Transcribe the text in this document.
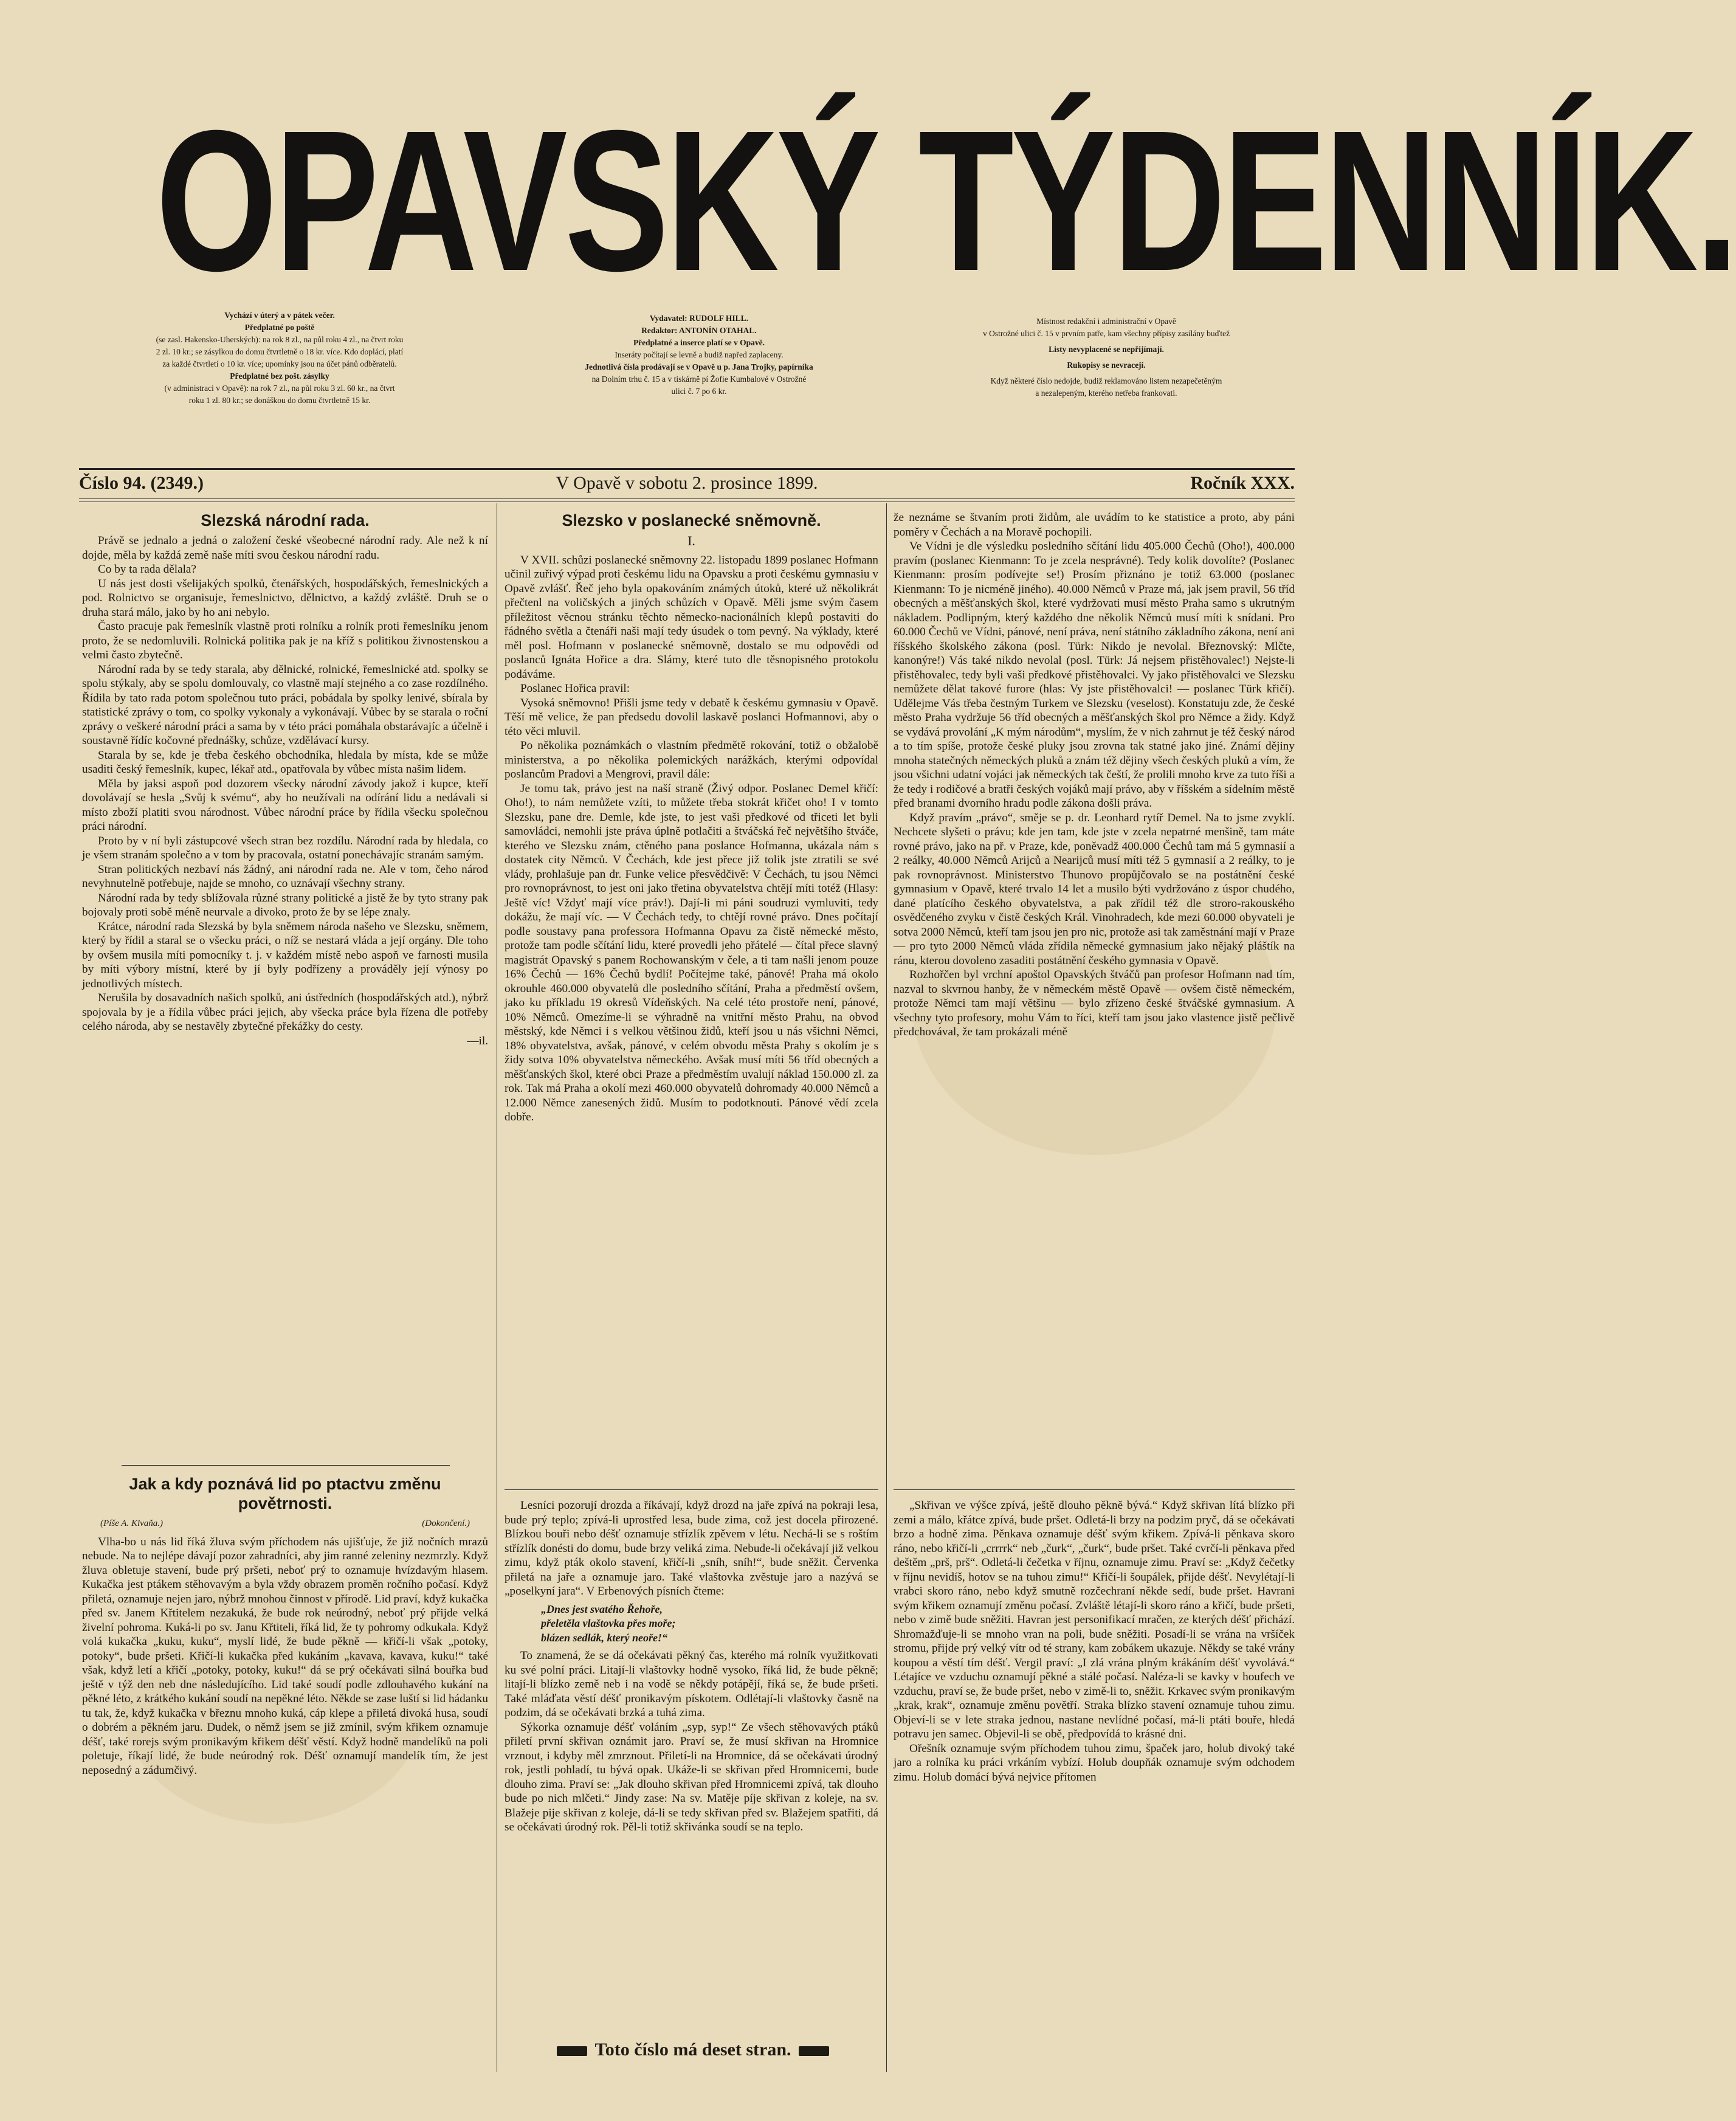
OPAVSKÝ TÝDENNÍK.

Vychází v úterý a v pátek večer.

Předplatné po poště

(se zasl. Hakensko-Uherských): na rok 8 zl., na půl roku 4 zl., na čtvrt roku

2 zl. 10 kr.; se zásylkou do domu čtvrtletně o 18 kr. více. Kdo doplácí, platí

za každé čtvrtletí o 10 kr. více; upomínky jsou na účet pánů odběratelů.

Předplatné bez pošt. zásylky

(v administraci v Opavě): na rok 7 zl., na půl roku 3 zl. 60 kr., na čtvrt

roku 1 zl. 80 kr.; se donáškou do domu čtvrtletně 15 kr.

Vydavatel: RUDOLF HILL.

Redaktor: ANTONÍN OTAHAL.

Předplatné a inserce platí se v Opavě.

Inseráty počítají se levně a budiž napřed zaplaceny.

Jednotlivá čísla prodávají se v Opavě u p. Jana Trojky, papírníka

na Dolním trhu č. 15 a v tiskárně pí Žofie Kumbalové v Ostrožné

ulici č. 7 po 6 kr.

Místnost redakční i administrační v Opavě

v Ostrožné ulici č. 15 v prvním patře, kam všechny přípisy zasílány buďtež

Listy nevyplacené se nepřijímají.

Rukopisy se nevracejí.

Když některé číslo nedojde, budiž reklamováno listem nezapečetěným

a nezalepeným, kterého netřeba frankovati.

Číslo 94. (2349.)	V Opavě v sobotu 2. prosince 1899.	Ročník XXX.
Slezská národní rada.

Právě se jednalo a jedná o založení české všeobecné národní rady. Ale než k ní dojde, měla by každá země naše míti svou českou národní radu.

Co by ta rada dělala?

U nás jest dosti všelijakých spolků, čtenářských, hospodářských, řemeslnických a pod. Rolnictvo se organisuje, řemeslnictvo, dělnictvo, a každý zvláště. Druh se o druha stará málo, jako by ho ani nebylo.

Často pracuje pak řemeslník vlastně proti rolníku a rolník proti řemeslníku jenom proto, že se nedomluvili. Rolnická politika pak je na kříž s politikou živnostenskou a velmi často zbytečně.

Národní rada by se tedy starala, aby dělnické, rolnické, řemeslnické atd. spolky se spolu stýkaly, aby se spolu domlouvaly, co vlastně mají stejného a co zase rozdílného. Řídila by tato rada potom společnou tuto práci, pobádala by spolky lenivé, sbírala by statistické zprávy o tom, co spolky vykonaly a vykonávají. Vůbec by se starala o roční zprávy o veškeré národní práci a sama by v této práci pomáhala obstarávajíc a účelně i soustavně řídíc kočovné přednášky, schůze, vzdělávací kursy.

Starala by se, kde je třeba českého obchodníka, hledala by místa, kde se může usaditi český řemeslník, kupec, lékař atd., opatřovala by vůbec místa našim lidem.

Měla by jaksi aspoň pod dozorem všecky národní závody jakož i kupce, kteří dovolávají se hesla „Svůj k svému“, aby ho neužívali na odírání lidu a nedávali si místo zboží platiti svou národnost. Vůbec národní práce by řídila všecku společnou práci národní.

Proto by v ní byli zástupcové všech stran bez rozdílu. Národní rada by hledala, co je všem stranám společno a v tom by pracovala, ostatní ponechávajíc stranám samým.

Stran politických nezbaví nás žádný, ani národní rada ne. Ale v tom, čeho národ nevyhnutelně potřebuje, najde se mnoho, co uznávají všechny strany.

Národní rada by tedy sblížovala různé strany politické a jistě že by tyto strany pak bojovaly proti sobě méně neurvale a divoko, proto že by se lépe znaly.

Krátce, národní rada Slezská by byla sněmem národa našeho ve Slezsku, sněmem, který by řídil a staral se o všecku práci, o níž se nestará vláda a její orgány. Dle toho by ovšem musila míti pomocníky t. j. v každém místě nebo aspoň ve farnosti musila by míti výbory místní, které by jí byly podřízeny a prováděly její výnosy po jednotlivých místech.

Nerušila by dosavadních našich spolků, ani ústředních (hospodářských atd.), nýbrž spojovala by je a řídila vůbec práci jejich, aby všecka práce byla řízena dle potřeby celého národa, aby se nestavěly zbytečné překážky do cesty.

—il.

Jak a kdy poznává lid po ptactvu změnu povětrnosti.
(Píše A. Klvaňa.)	(Dokončení.)

Vlha-bo u nás lid říká žluva svým příchodem nás ujišťuje, že již nočních mrazů nebude. Na to nejlépe dávají pozor zahradníci, aby jim ranné zeleniny nezmrzly. Když žluva obletuje stavení, bude prý pršeti, neboť prý to oznamuje hvízdavým hlasem. Kukačka jest ptákem stěhovavým a byla vždy obrazem proměn ročního počasí. Když přiletá, oznamuje nejen jaro, nýbrž mnohou činnost v přírodě. Lid praví, když kukačka před sv. Janem Křtitelem nezakuká, že bude rok neúrodný, neboť prý přijde velká živelní pohroma. Kuká-li po sv. Janu Křtiteli, říká lid, že ty pohromy odkukala. Když volá kukačka „kuku, kuku“, myslí lidé, že bude pěkně — křičí-li však „potoky, potoky“, bude pršeti. Křičí-li kukačka před kukáním „kavava, kavava, kuku!“ také však, když letí a křičí „potoky, potoky, kuku!“ dá se prý očekávati silná bouřka bud ještě v týž den neb dne následujícího. Lid také soudí podle zdlouhavého kukání na pěkné léto, z krátkého kukání soudí na nepěkné léto. Někde se zase luští si lid hádanku tu tak, že, když kukačka v březnu mnoho kuká, cáp klepe a přiletá divoká husa, soudí o dobrém a pěkném jaru. Dudek, o němž jsem se již zmínil, svým křikem oznamuje déšť, také rorejs svým pronikavým křikem déšť věstí. Když hodně mandelíků na poli poletuje, říkají lidé, že bude neúrodný rok. Déšť oznamují mandelík tím, že jest neposedný a zádumčivý.

Slezsko v poslanecké sněmovně.
I.

V XVII. schůzi poslanecké sněmovny 22. listopadu 1899 poslanec Hofmann učinil zuřivý výpad proti českému lidu na Opavsku a proti českému gymnasiu v Opavě zvlášť. Řeč jeho byla opakováním známých útoků, které už několikrát přečtenl na voličských a jiných schůzích v Opavě. Měli jsme svým časem příležitost věcnou stránku těchto německo-nacionálních klepů postaviti do řádného světla a čtenáři naši mají tedy úsudek o tom pevný. Na výklady, které měl posl. Hofmann v poslanecké sněmovně, dostalo se mu odpovědi od poslanců Ignáta Hořice a dra. Slámy, které tuto dle těsnopisného protokolu podáváme.

Poslanec Hořica pravil:

Vysoká sněmovno! Přišli jsme tedy v debatě k českému gymnasiu v Opavě. Těší mě velice, že pan předsedu dovolil laskavě poslanci Hofmannovi, aby o této věci mluvil.

Po několika poznámkách o vlastním předmětě rokování, totiž o obžalobě ministerstva, a po několika polemických narážkách, kterými odpovídal poslancům Pradovi a Mengrovi, pravil dále:

Je tomu tak, právo jest na naší straně (Živý odpor. Poslanec Demel křičí: Oho!), to nám nemůžete vzíti, to můžete třeba stokrát křičet oho! I v tomto Slezsku, pane dre. Demle, kde jste, to jest vaši předkové od třiceti let byli samovládci, nemohli jste práva úplně potlačiti a štváčská řeč největšího štváče, kterého ve Slezsku znám, ctěného pana poslance Hofmanna, ukázala nám s dostatek city Němců. V Čechách, kde jest přece již tolik jste ztratili se své vlády, prohlašuje pan dr. Funke velice přesvědčivě: V Čechách, tu jsou Němci pro rovnoprávnost, to jest oni jako třetina obyvatelstva chtějí míti totéž (Hlasy: Ještě víc! Vždyť mají více práv!). Dají-li mi páni soudruzi vymluviti, tedy dokážu, že mají víc. — V Čechách tedy, to chtějí rovné právo. Dnes počítají podle soustavy pana professora Hofmanna Opavu za čistě německé město, protože tam podle sčítání lidu, které provedli jeho přátelé — čítal přece slavný magistrát Opavský s panem Rochowanským v čele, a ti tam našli jenom pouze 16% Čechů — 16% Čechů bydlí! Počítejme také, pánové! Praha má okolo okrouhle 460.000 obyvatelů dle posledního sčítání, Praha a předměstí ovšem, jako ku příkladu 19 okresů Vídeňských. Na celé této prostoře není, pánové, 10% Němců. Omezíme-li se výhradně na vnitřní město Prahu, na obvod městský, kde Němci i s velkou většinou židů, kteří jsou u nás všichni Němci, 18% obyvatelstva, avšak, pánové, v celém obvodu města Prahy s okolím je s židy sotva 10% obyvatelstva německého. Avšak musí míti 56 tříd obecných a měšťanských škol, které obci Praze a předměstím uvalují náklad 150.000 zl. za rok. Tak má Praha a okolí mezi 460.000 obyvatelů dohromady 40.000 Němců a 12.000 Němce zanesených židů. Musím to podotknouti. Pánové vědí zcela dobře.

Lesníci pozorují drozda a říkávají, když drozd na jaře zpívá na pokraji lesa, bude prý teplo; zpívá-li uprostřed lesa, bude zima, což jest docela přirozené. Blízkou bouři nebo déšť oznamuje střízlík zpěvem v létu. Nechá-li se s roštím střízlík donésti do domu, bude brzy veliká zima. Nebude-li očekávají již velkou zimu, když pták okolo stavení, křičí-li „sníh, sníh!“, bude sněžit. Červenka přiletá na jaře a oznamuje jaro. Také vlaštovka zvěstuje jaro a nazývá se „poselkyní jara“. V Erbenových písních čteme:

„Dnes jest svatého Řehoře,
přeletěla vlaštovka přes moře;
blázen sedlák, který neoře!“

To znamená, že se dá očekávati pěkný čas, kterého má rolník využitkovati ku své polní práci. Litají-li vlaštovky hodně vysoko, říká lid, že bude pěkně; litají-li blízko země neb i na vodě se někdy potápějí, říká se, že bude pršeti. Také mláďata věstí déšť pronikavým pískotem. Odlétají-li vlaštovky časně na podzim, dá se očekávati brzká a tuhá zima.

Sýkorka oznamuje déšť voláním „syp, syp!“ Ze všech stěhovavých ptáků přiletí první skřivan oznámit jaro. Praví se, že musí skřivan na Hromnice vrznout, i kdyby měl zmrznout. Přiletí-li na Hromnice, dá se očekávati úrodný rok, jestli pohladí, tu bývá opak. Ukáže-li se skřivan před Hromnicemi, bude dlouho zima. Praví se: „Jak dlouho skřivan před Hromnicemi zpívá, tak dlouho bude po nich mlčeti.“ Jindy zase: Na sv. Matěje píje skřivan z koleje, na sv. Blažeje pije skřivan z koleje, dá-li se tedy skřivan před sv. Blažejem spatřiti, dá se očekávati úrodný rok. Pěl-li totiž skřivánka soudí se na teplo.

že neznáme se štvaním proti židům, ale uvádím to ke statistice a proto, aby páni poměry v Čechách a na Moravě pochopili.

Ve Vídni je dle výsledku posledního sčítání lidu 405.000 Čechů (Oho!), 400.000 pravím (poslanec Kienmann: To je zcela nesprávné). Tedy kolik dovolíte? (Poslanec Kienmann: prosím podívejte se!) Prosím přiznáno je totiž 63.000 (poslanec Kienmann: To je nicméně jiného). 40.000 Němců v Praze má, jak jsem pravil, 56 tříd obecných a měšťanských škol, které vydržovati musí město Praha samo s ukrutným nákladem. Podlipným, který každého dne několik Němců musí míti k snídani. Pro 60.000 Čechů ve Vídni, pánové, není práva, není státního základního zákona, není ani říšského školského zákona (posl. Türk: Nikdo je nevolal. Březnovský: Mlčte, kanonýre!) Vás také nikdo nevolal (posl. Türk: Já nejsem přistěhovalec!) Nejste-li přistěhovalec, tedy byli vaši předkové přistěhovalci. Vy jako přistěhovalci ve Slezsku nemůžete dělat takové furore (hlas: Vy jste přistěhovalci! — poslanec Türk křičí). Udělejme Vás třeba čestným Turkem ve Slezsku (veselost). Konstatuju zde, že české město Praha vydržuje 56 tříd obecných a měšťanských škol pro Němce a židy. Když se vydává provolání „K mým národům“, myslím, že v nich zahrnut je též český národ a to tím spíše, protože české pluky jsou zrovna tak statné jako jiné. Známí dějiny mnoha statečných německých pluků a znám též dějiny všech českých pluků a vím, že jsou všichni udatní vojáci jak německých tak čeští, že prolili mnoho krve za tuto říši a že tedy i rodičové a bratři českých vojáků mají právo, aby v říšském a sídelním městě před branami dvorního hradu podle zákona došli práva.

Když pravím „právo“, směje se p. dr. Leonhard rytíř Demel. Na to jsme zvyklí. Nechcete slyšeti o právu; kde jen tam, kde jste v zcela nepatrné menšině, tam máte rovné právo, jako na př. v Praze, kde, poněvadž 400.000 Čechů tam má 5 gymnasií a 2 reálky, 40.000 Němců Arijců a Nearijců musí míti též 5 gymnasií a 2 reálky, to je pak rovnoprávnost. Ministerstvo Thunovo propůjčovalo se na postátnění české gymnasium v Opavě, které trvalo 14 let a musilo býti vydržováno z úspor chudého, dané platícího českého obyvatelstva, a pak zřídil též dle stroro-rakouského osvědčeného zvyku v čistě českých Král. Vinohradech, kde mezi 60.000 obyvateli je sotva 2000 Němců, kteří tam jsou jen pro nic, protože asi tak zaměstnání mají v Praze — pro tyto 2000 Němců vláda zřídila německé gymnasium jako nějaký pláštík na ránu, kterou dovoleno zasaditi postátnění českého gymnasia v Opavě.

Rozhořčen byl vrchní apoštol Opavských štváčů pan profesor Hofmann nad tím, nazval to skvrnou hanby, že v německém městě Opavě — ovšem čistě německém, protože Němci tam mají většinu — bylo zřízeno české štváčské gymnasium. A všechny tyto profesory, mohu Vám to říci, kteří tam jsou jako vlastence jistě pečlivě předchovával, že tam prokázali méně

„Skřivan ve výšce zpívá, ještě dlouho pěkně bývá.“ Když skřivan lítá blízko při zemi a málo, křátce zpívá, bude pršet. Odletá-li brzy na podzim pryč, dá se očekávati brzo a hodně zima. Pěnkava oznamuje déšť svým křikem. Zpívá-li pěnkava skoro ráno, nebo křičí-li „crrrrk“ neb „čurk“, „čurk“, bude pršet. Také cvrčí-li pěnkava před deštěm „prš, prš“. Odletá-li čečetka v říjnu, oznamuje zimu. Praví se: „Když čečetky v říjnu nevidíš, hotov se na tuhou zimu!“ Křičí-li šoupálek, přijde déšť. Nevylétají-li vrabci skoro ráno, nebo když smutně rozčechraní někde sedí, bude pršet. Havrani svým křikem oznamují změnu počasí. Zvláště létají-li skoro ráno a křičí, bude pršeti, nebo v zimě bude sněžiti. Havran jest personifikací mračen, ze kterých déšť přichází. Shromažďuje-li se mnoho vran na poli, bude sněžiti. Posadí-li se vrána na vršíček stromu, přijde prý velký vítr od té strany, kam zobákem ukazuje. Někdy se také vrány koupou a věstí tím déšť. Vergil praví: „I zlá vrána plným krákáním déšť vyvolává.“ Létajíce ve vzduchu oznamují pěkné a stálé počasí. Naléza-li se kavky v houfech ve vzduchu, praví se, že bude pršet, nebo v zimě-li to, sněžit. Krkavec svým pronikavým „krak, krak“, oznamuje změnu povětří. Straka blízko stavení oznamuje tuhou zimu. Objeví-li se v lete straka jednou, nastane nevlídné počasí, má-li ptáti bouře, hledá potravu jen samec. Objevil-li se obě, předpovídá to krásné dni.

Ořešník oznamuje svým příchodem tuhou zimu, špaček jaro, holub divoký také jaro a rolníka ku práci vrkáním vybízí. Holub doupňák oznamuje svým odchodem zimu. Holub domácí bývá nejvice přítomen

Toto číslo má deset stran.
